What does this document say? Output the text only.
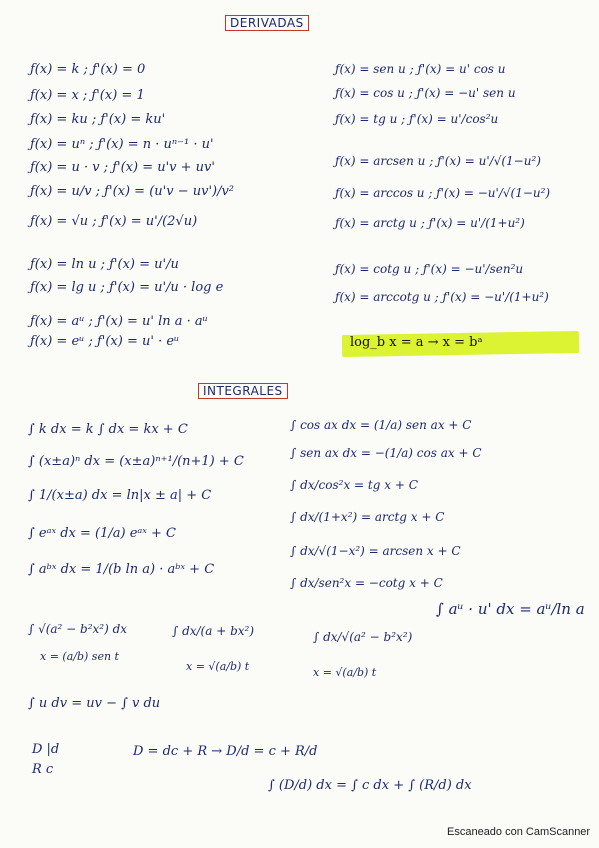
DERIVADAS
ƒ(x) = k ; ƒ'(x) = 0
ƒ(x) = x ; ƒ'(x) = 1
ƒ(x) = ku ; ƒ'(x) = ku'
ƒ(x) = uⁿ ; ƒ'(x) = n · uⁿ⁻¹ · u'
ƒ(x) = u · v ; ƒ'(x) = u'v + uv'
ƒ(x) = u/v ; ƒ'(x) = (u'v − uv')/v²
ƒ(x) = √u ; ƒ'(x) = u'/(2√u)
ƒ(x) = ln u ; ƒ'(x) = u'/u
ƒ(x) = lg u ; ƒ'(x) = u'/u · log e
ƒ(x) = aᵘ ; ƒ'(x) = u' ln a · aᵘ
ƒ(x) = eᵘ ; ƒ'(x) = u' · eᵘ
ƒ(x) = sen u ; ƒ'(x) = u' cos u
ƒ(x) = cos u ; ƒ'(x) = −u' sen u
ƒ(x) = tg u ; ƒ'(x) = u'/cos²u
ƒ(x) = arcsen u ; ƒ'(x) = u'/√(1−u²)
ƒ(x) = arccos u ; ƒ'(x) = −u'/√(1−u²)
ƒ(x) = arctg u ; ƒ'(x) = u'/(1+u²)
ƒ(x) = cotg u ; ƒ'(x) = −u'/sen²u
ƒ(x) = arccotg u ; ƒ'(x) = −u'/(1+u²)
log_b x = a → x = bᵃ
INTEGRALES
∫ k dx = k ∫ dx = kx + C
∫ (x±a)ⁿ dx = (x±a)ⁿ⁺¹/(n+1) + C
∫ 1/(x±a) dx = ln|x ± a| + C
∫ eᵃˣ dx = (1/a) eᵃˣ + C
∫ aᵇˣ dx = 1/(b ln a) · aᵇˣ + C
∫ cos ax dx = (1/a) sen ax + C
∫ sen ax dx = −(1/a) cos ax + C
∫ dx/cos²x = tg x + C
∫ dx/(1+x²) = arctg x + C
∫ dx/√(1−x²) = arcsen x + C
∫ dx/sen²x = −cotg x + C
∫ aᵘ · u' dx = aᵘ/ln a
∫ √(a² − b²x²) dx
x = (a/b) sen t
∫ dx/(a + bx²)
x = √(a/b) t
∫ dx/√(a² − b²x²)
x = √(a/b) t
∫ u dv = uv − ∫ v du
D |d
R c
D = dc + R → D/d = c + R/d
∫ (D/d) dx = ∫ c dx + ∫ (R/d) dx
Escaneado con CamScanner
